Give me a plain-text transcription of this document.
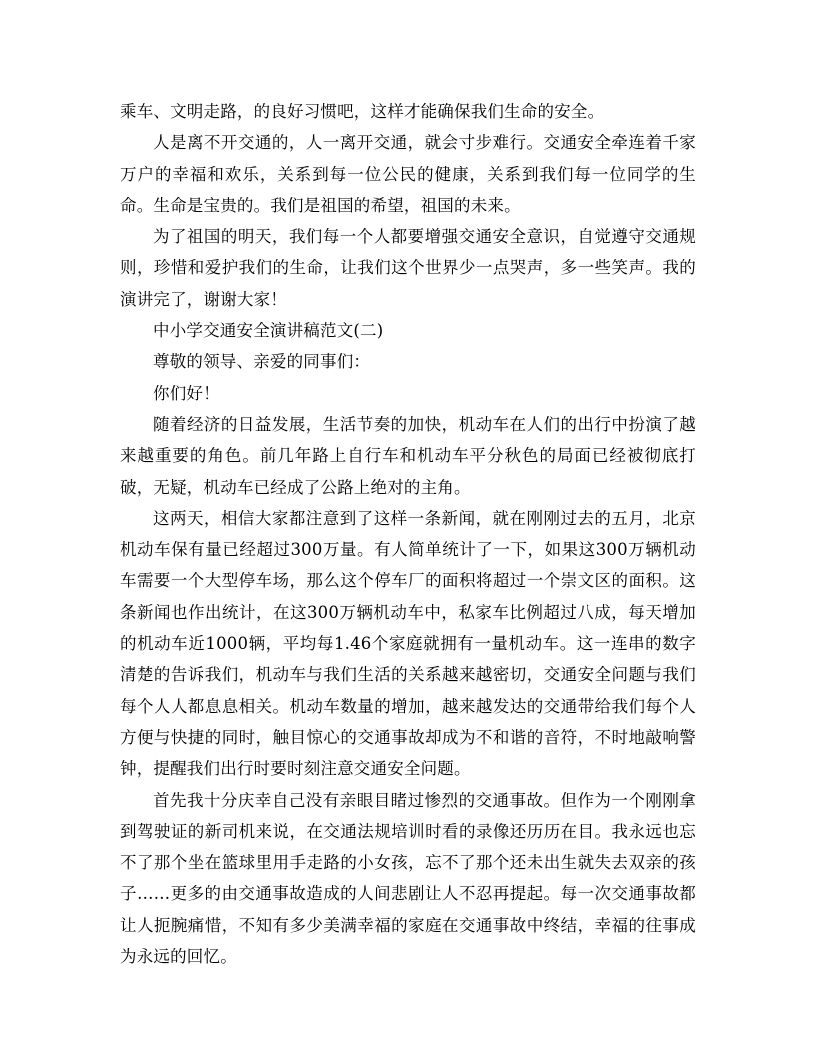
乘车、文明走路，的良好习惯吧，这样才能确保我们生命的安全。

人是离不开交通的，人一离开交通，就会寸步难行。交通安全牵连着千家万户的幸福和欢乐，关系到每一位公民的健康，关系到我们每一位同学的生命。生命是宝贵的。我们是祖国的希望，祖国的未来。

为了祖国的明天，我们每一个人都要增强交通安全意识，自觉遵守交通规则，珍惜和爱护我们的生命，让我们这个世界少一点哭声，多一些笑声。我的演讲完了，谢谢大家！

中小学交通安全演讲稿范文(二)

尊敬的领导、亲爱的同事们：

你们好！

随着经济的日益发展，生活节奏的加快，机动车在人们的出行中扮演了越来越重要的角色。前几年路上自行车和机动车平分秋色的局面已经被彻底打破，无疑，机动车已经成了公路上绝对的主角。

这两天，相信大家都注意到了这样一条新闻，就在刚刚过去的五月，北京机动车保有量已经超过300万量。有人简单统计了一下，如果这300万辆机动车需要一个大型停车场，那么这个停车厂的面积将超过一个崇文区的面积。这条新闻也作出统计，在这300万辆机动车中，私家车比例超过八成，每天增加的机动车近1000辆，平均每1.46个家庭就拥有一量机动车。这一连串的数字清楚的告诉我们，机动车与我们生活的关系越来越密切，交通安全问题与我们每个人人都息息相关。机动车数量的增加，越来越发达的交通带给我们每个人方便与快捷的同时，触目惊心的交通事故却成为不和谐的音符，不时地敲响警钟，提醒我们出行时要时刻注意交通安全问题。

首先我十分庆幸自己没有亲眼目睹过惨烈的交通事故。但作为一个刚刚拿到驾驶证的新司机来说，在交通法规培训时看的录像还历历在目。我永远也忘不了那个坐在篮球里用手走路的小女孩，忘不了那个还未出生就失去双亲的孩子……更多的由交通事故造成的人间悲剧让人不忍再提起。每一次交通事故都让人扼腕痛惜，不知有多少美满幸福的家庭在交通事故中终结，幸福的往事成为永远的回忆。
